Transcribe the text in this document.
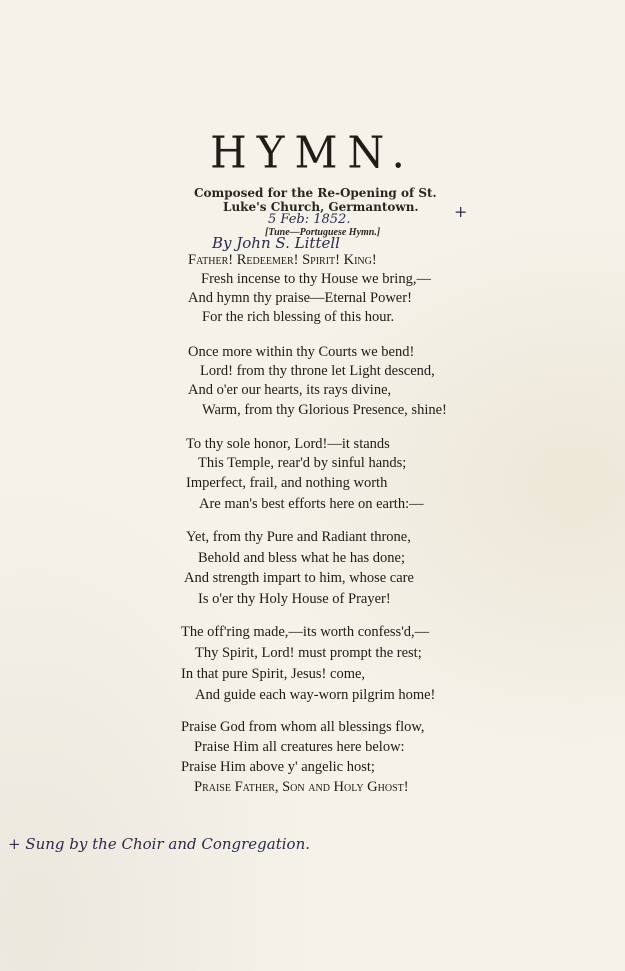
HYMN.
Composed for the Re-Opening of St.
Luke's Church, Germantown. +
5 Feb: 1852.
[Tune—Portuguese Hymn.]
By John S. Littell
Father! Redeemer! Spirit! King!
Fresh incense to thy House we bring,—
And hymn thy praise—Eternal Power!
For the rich blessing of this hour.
Once more within thy Courts we bend!
Lord! from thy throne let Light descend,
And o'er our hearts, its rays divine,
Warm, from thy Glorious Presence, shine!
To thy sole honor, Lord!—it stands
This Temple, rear'd by sinful hands;
Imperfect, frail, and nothing worth
Are man's best efforts here on earth:—
Yet, from thy Pure and Radiant throne,
Behold and bless what he has done;
And strength impart to him, whose care
Is o'er thy Holy House of Prayer!
The off'ring made,—its worth confess'd,—
Thy Spirit, Lord! must prompt the rest;
In that pure Spirit, Jesus! come,
And guide each way-worn pilgrim home!
Praise God from whom all blessings flow,
Praise Him all creatures here below:
Praise Him above y' angelic host;
Praise Father, Son and Holy Ghost!
+ Sung by the Choir and Congregation.
